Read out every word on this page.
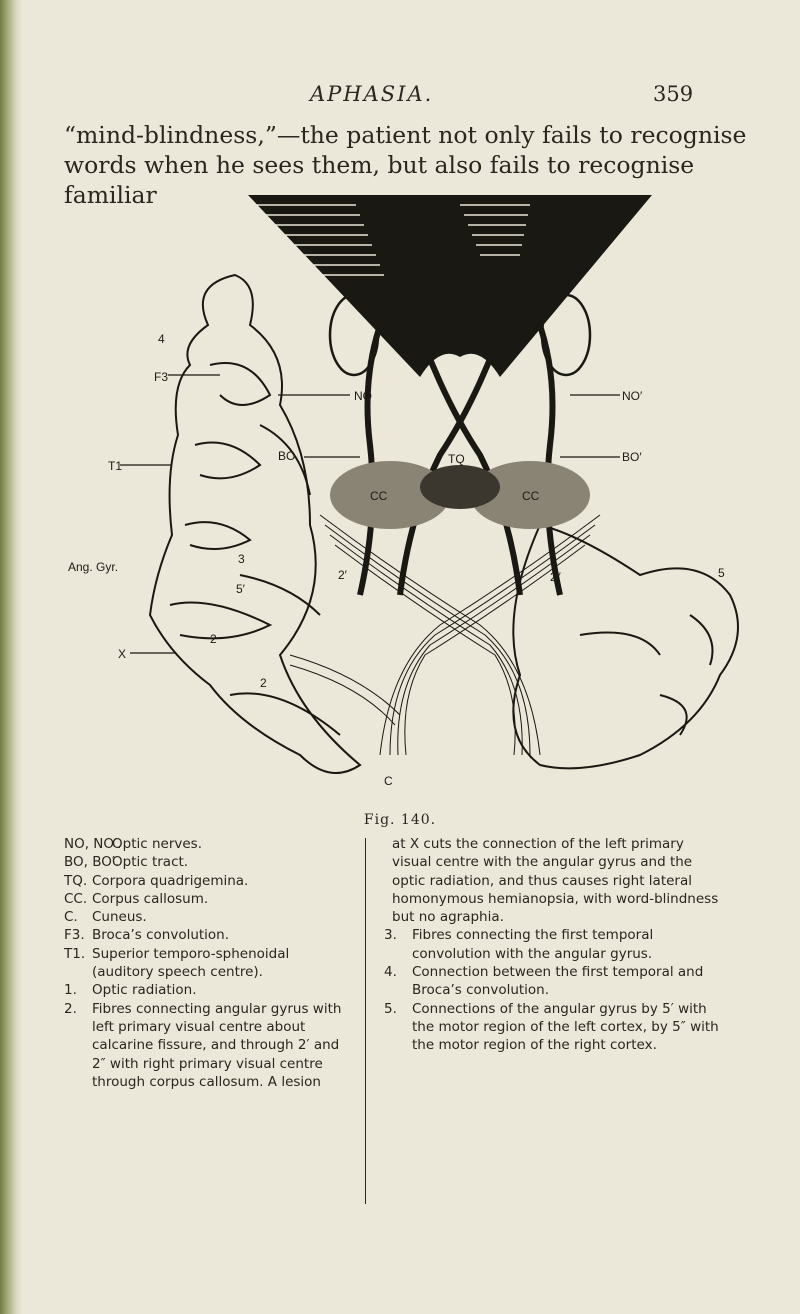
APHASIA.	359

“mind-blindness,”—the patient not only fails to recognise words when he sees them, but also fails to recognise familiar

4
F3
T1
Ang. Gyr.
X
NO	NO′
BO	BO′
TQ
CC	CC
3
5
5′
2′	2″
2
2
C
Fig. 140.

NO, NO′.
Optic nerves.

BO, BO′.
Optic tract.

TQ. Corpora quadrigemina.

CC. Corpus callosum.

C. Cuneus.

F3. Broca’s convolution.

T1. Superior temporo-sphenoidal (auditory speech centre).

1. Optic radiation.

2. Fibres connecting angular gyrus with left primary visual centre about calcarine fissure, and through 2′ and 2″ with right primary visual centre through corpus callosum. A lesion

at X cuts the connection of the left primary visual centre with the angular gyrus and the optic radiation, and thus causes right lateral homonymous hemianopsia, with word-blindness but no agraphia.

3. Fibres connecting the first temporal convolution with the angular gyrus.

4. Connection between the first temporal and Broca’s convolution.

5. Connections of the angular gyrus by 5′ with the motor region of the left cortex, by 5″ with the motor region of the right cortex.
